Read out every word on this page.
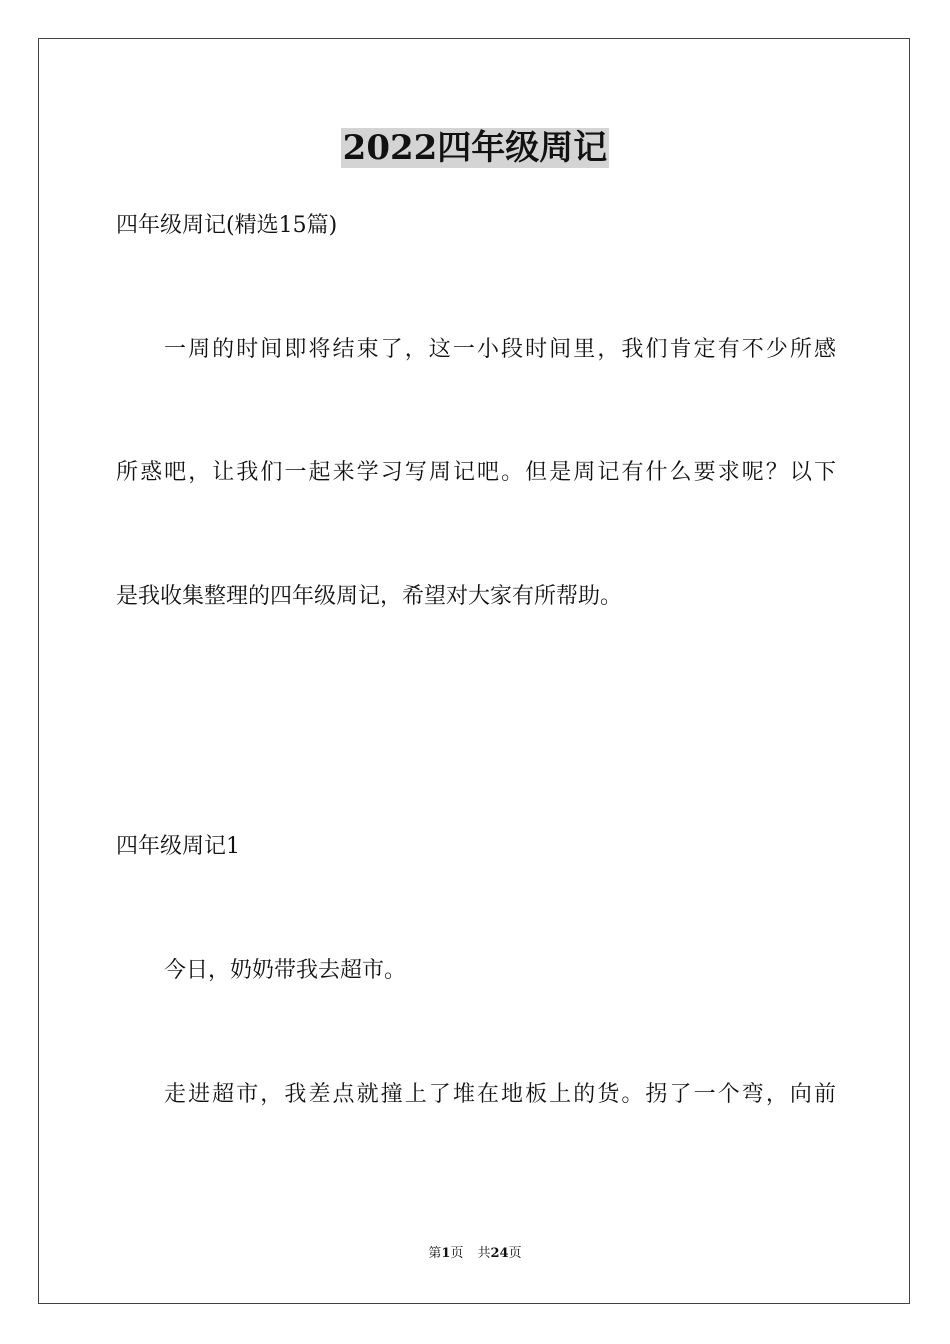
2022四年级周记

四年级周记(精选15篇)

一周的时间即将结束了，这一小段时间里，我们肯定有不少所感

所惑吧，让我们一起来学习写周记吧。但是周记有什么要求呢？以下

是我收集整理的四年级周记，希望对大家有所帮助。

四年级周记1

今日，奶奶带我去超市。

走进超市，我差点就撞上了堆在地板上的货。拐了一个弯，向前

第1页 共24页
